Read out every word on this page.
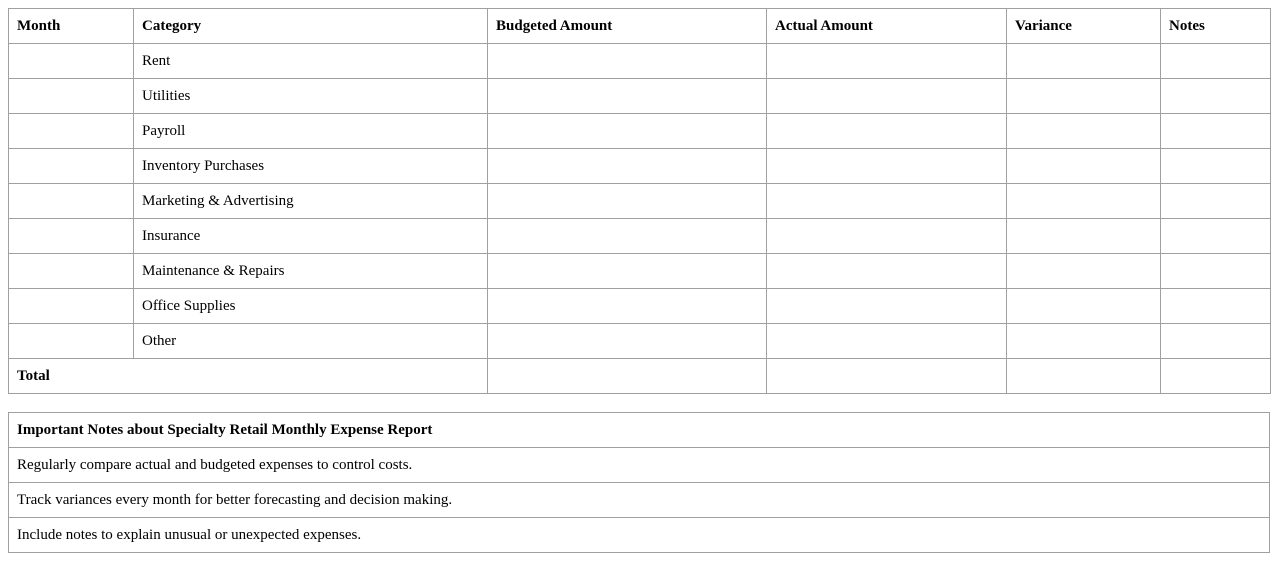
Month	Category	Budgeted Amount	Actual Amount	Variance	Notes
	Rent				
	Utilities				
	Payroll				
	Inventory Purchases				
	Marketing & Advertising				
	Insurance				
	Maintenance & Repairs				
	Office Supplies				
	Other				
Total					
Important Notes about Specialty Retail Monthly Expense Report
Regularly compare actual and budgeted expenses to control costs.
Track variances every month for better forecasting and decision making.
Include notes to explain unusual or unexpected expenses.
